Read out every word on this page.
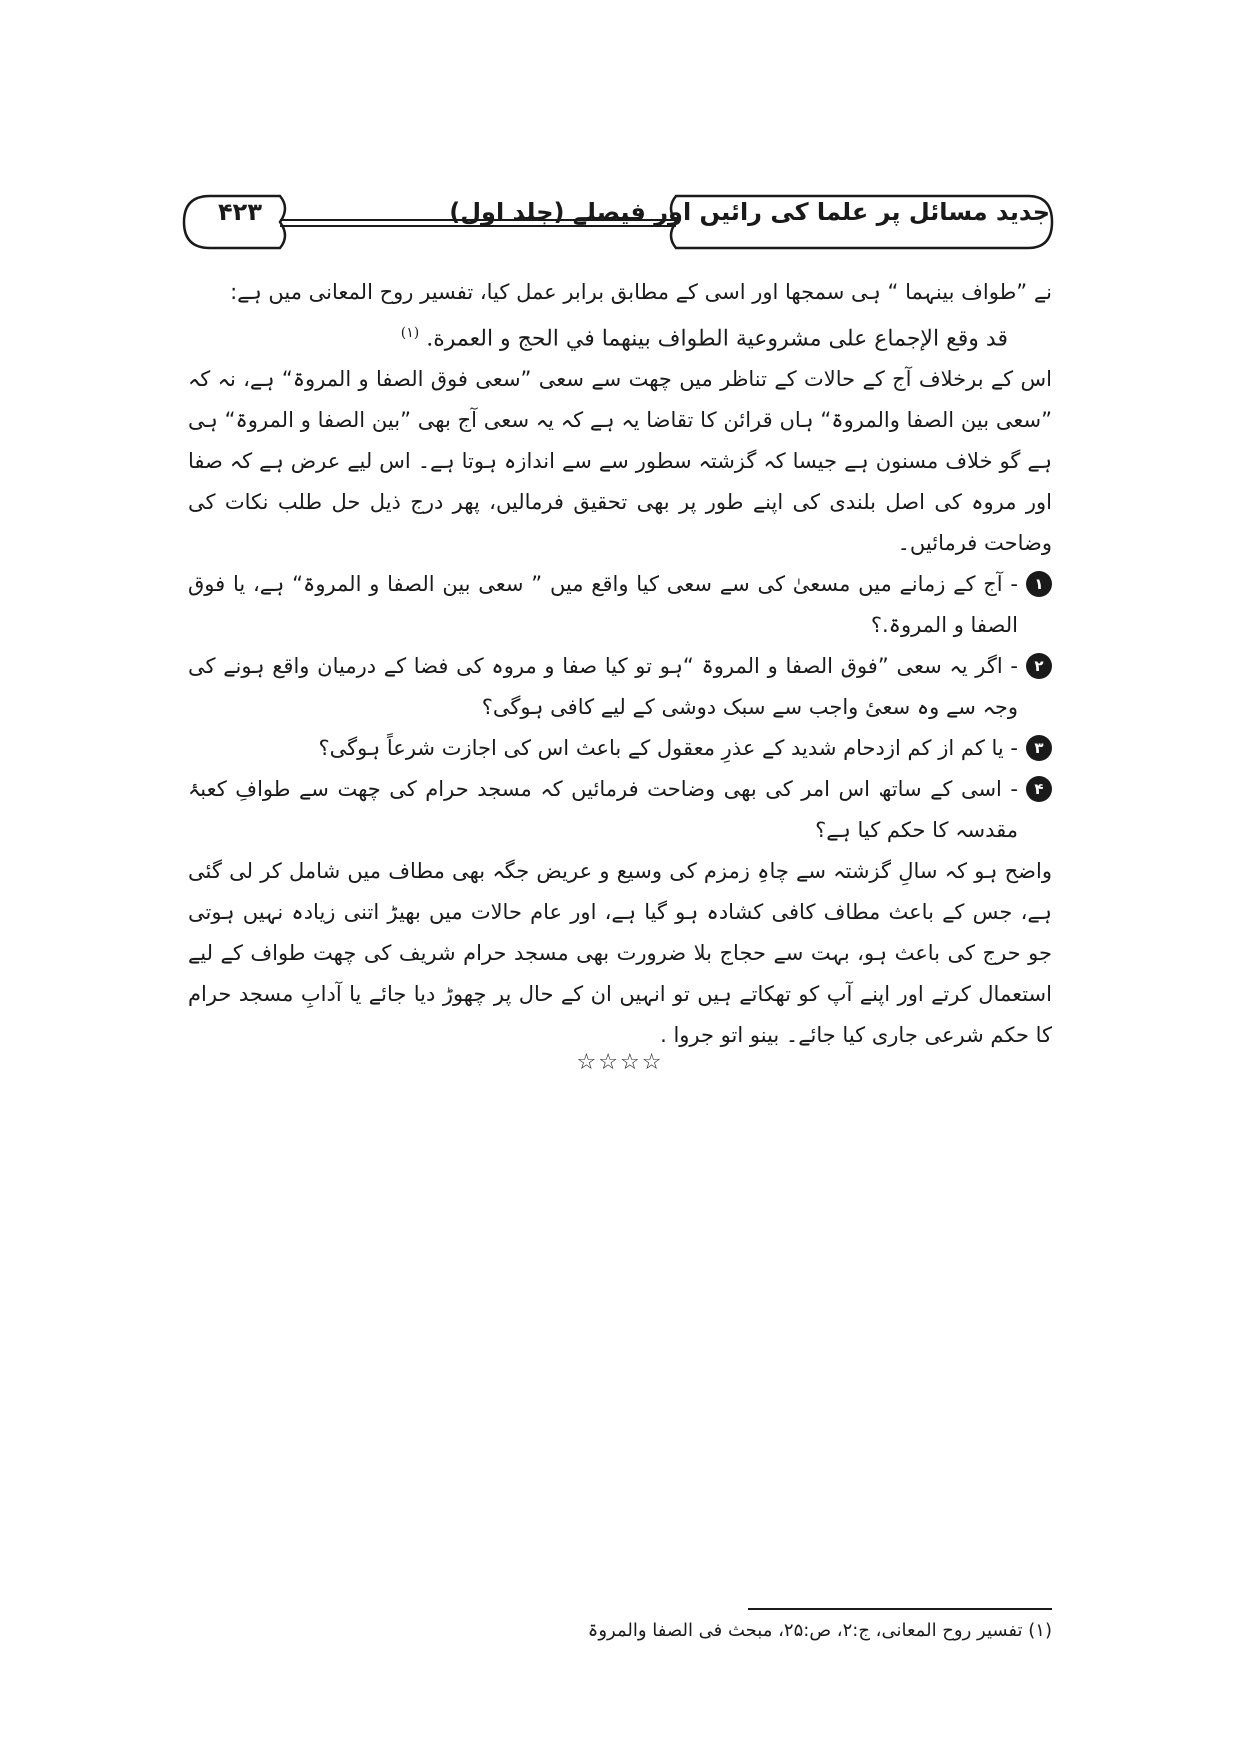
جدید مسائل پر علما کی رائیں اور فیصلے (جلد اول)
۴۲۳

نے ”طواف بینہما “ ہی سمجھا اور اسی کے مطابق برابر عمل کیا، تفسیر روح المعانی میں ہے:

قد وقع الإجماع على مشروعية الطواف بينهما في الحج و العمرة. $^{(۱)}$

اس کے برخلاف آج کے حالات کے تناظر میں چھت سے سعی ”سعی فوق الصفا و المروۃ“ ہے، نہ کہ ”سعی بین الصفا والمروۃ“ ہاں قرائن کا تقاضا یہ ہے کہ یہ سعی آج بھی ”بین الصفا و المروۃ“ ہی ہے گو خلاف مسنون ہے جیسا کہ گزشتہ سطور سے سے اندازہ ہوتا ہے۔ اس لیے عرض ہے کہ صفا اور مروہ کی اصل بلندی کی اپنے طور پر بھی تحقیق فرمالیں، پھر درج ذیل حل طلب نکات کی وضاحت فرمائیں۔

۱
- آج کے زمانے میں مسعیٰ کی سے سعی کیا واقع میں ” سعی بین الصفا و المروۃ“ ہے، یا فوق الصفا و المروۃ.؟
۲
- اگر یہ سعی ”فوق الصفا و المروۃ “ہو تو کیا صفا و مروہ کی فضا کے درمیان واقع ہونے کی وجہ سے وہ سعیٔ واجب سے سبک دوشی کے لیے کافی ہوگی؟
۳
- یا کم از کم ازدحام شدید کے عذرِ معقول کے باعث اس کی اجازت شرعاً ہوگی؟
۴
- اسی کے ساتھ اس امر کی بھی وضاحت فرمائیں کہ مسجد حرام کی چھت سے طوافِ کعبۂ مقدسہ کا حکم کیا ہے؟

واضح ہو کہ سالِ گزشتہ سے چاہِ زمزم کی وسیع و عریض جگہ بھی مطاف میں شامل کر لی گئی ہے، جس کے باعث مطاف کافی کشادہ ہو گیا ہے، اور عام حالات میں بھیڑ اتنی زیادہ نہیں ہوتی جو حرج کی باعث ہو، بہت سے حجاج بلا ضرورت بھی مسجد حرام شریف کی چھت طواف کے لیے استعمال کرتے اور اپنے آپ کو تھکاتے ہیں تو انہیں ان کے حال پر چھوڑ دیا جائے یا آدابِ مسجد حرام کا حکم شرعی جاری کیا جائے۔ بینو اتو جروا .

☆☆☆☆
(۱) تفسیر روح المعانی، ج:۲، ص:۲۵، مبحث فی الصفا والمروۃ
